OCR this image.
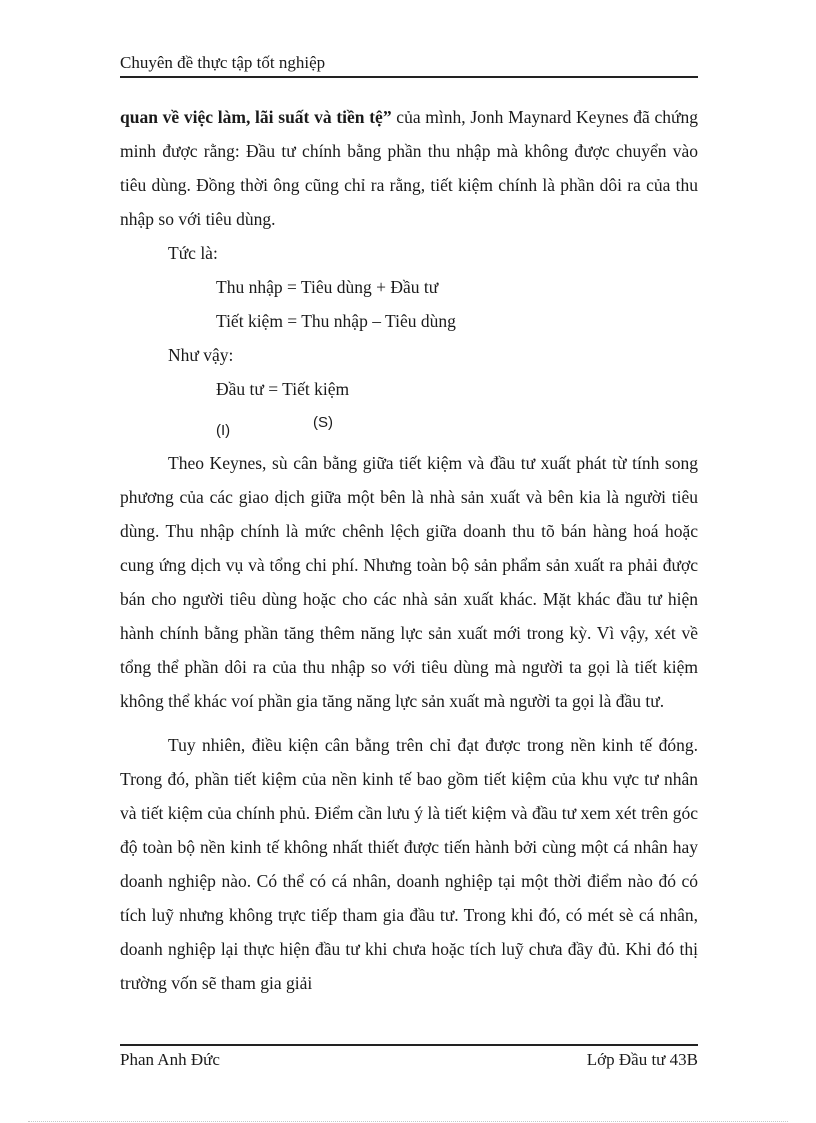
Chuyên đề thực tập tốt nghiệp

quan về việc làm, lãi suất và tiền tệ” của mình, Jonh Maynard Keynes đã chứng minh được rằng: Đầu tư chính bằng phần thu nhập mà không được chuyển vào tiêu dùng. Đồng thời ông cũng chỉ ra rằng, tiết kiệm chính là phần dôi ra của thu nhập so với tiêu dùng.

Tức là:

Thu nhập = Tiêu dùng + Đầu tư

Tiết kiệm = Thu nhập – Tiêu dùng

Như vậy:

Đầu tư = Tiết kiệm

(I)	(S)

Theo Keynes, sù cân bằng giữa tiết kiệm và đầu tư xuất phát từ tính song phương của các giao dịch giữa một bên là nhà sản xuất và bên kia là người tiêu dùng. Thu nhập chính là mức chênh lệch giữa doanh thu tõ bán hàng hoá hoặc cung ứng dịch vụ và tổng chi phí. Nhưng toàn bộ sản phẩm sản xuất ra phải được bán cho người tiêu dùng hoặc cho các nhà sản xuất khác. Mặt khác đầu tư hiện hành chính bằng phần tăng thêm năng lực sản xuất mới trong kỳ. Vì vậy, xét về tổng thể phần dôi ra của thu nhập so với tiêu dùng mà người ta gọi là tiết kiệm không thể khác voí phần gia tăng năng lực sản xuất mà người ta gọi là đầu tư.

Tuy nhiên, điều kiện cân bằng trên chỉ đạt được trong nền kinh tế đóng. Trong đó, phần tiết kiệm của nền kinh tế bao gồm tiết kiệm của khu vực tư nhân và tiết kiệm của chính phủ. Điểm cần lưu ý là tiết kiệm và đầu tư xem xét trên góc độ toàn bộ nền kinh tế không nhất thiết được tiến hành bởi cùng một cá nhân hay doanh nghiệp nào. Có thể có cá nhân, doanh nghiệp tại một thời điểm nào đó có tích luỹ nhưng không trực tiếp tham gia đầu tư. Trong khi đó, có mét sè cá nhân, doanh nghiệp lại thực hiện đầu tư khi chưa hoặc tích luỹ chưa đầy đủ. Khi đó thị trường vốn sẽ tham gia giải

Phan Anh Đức	Lớp Đầu tư 43B
